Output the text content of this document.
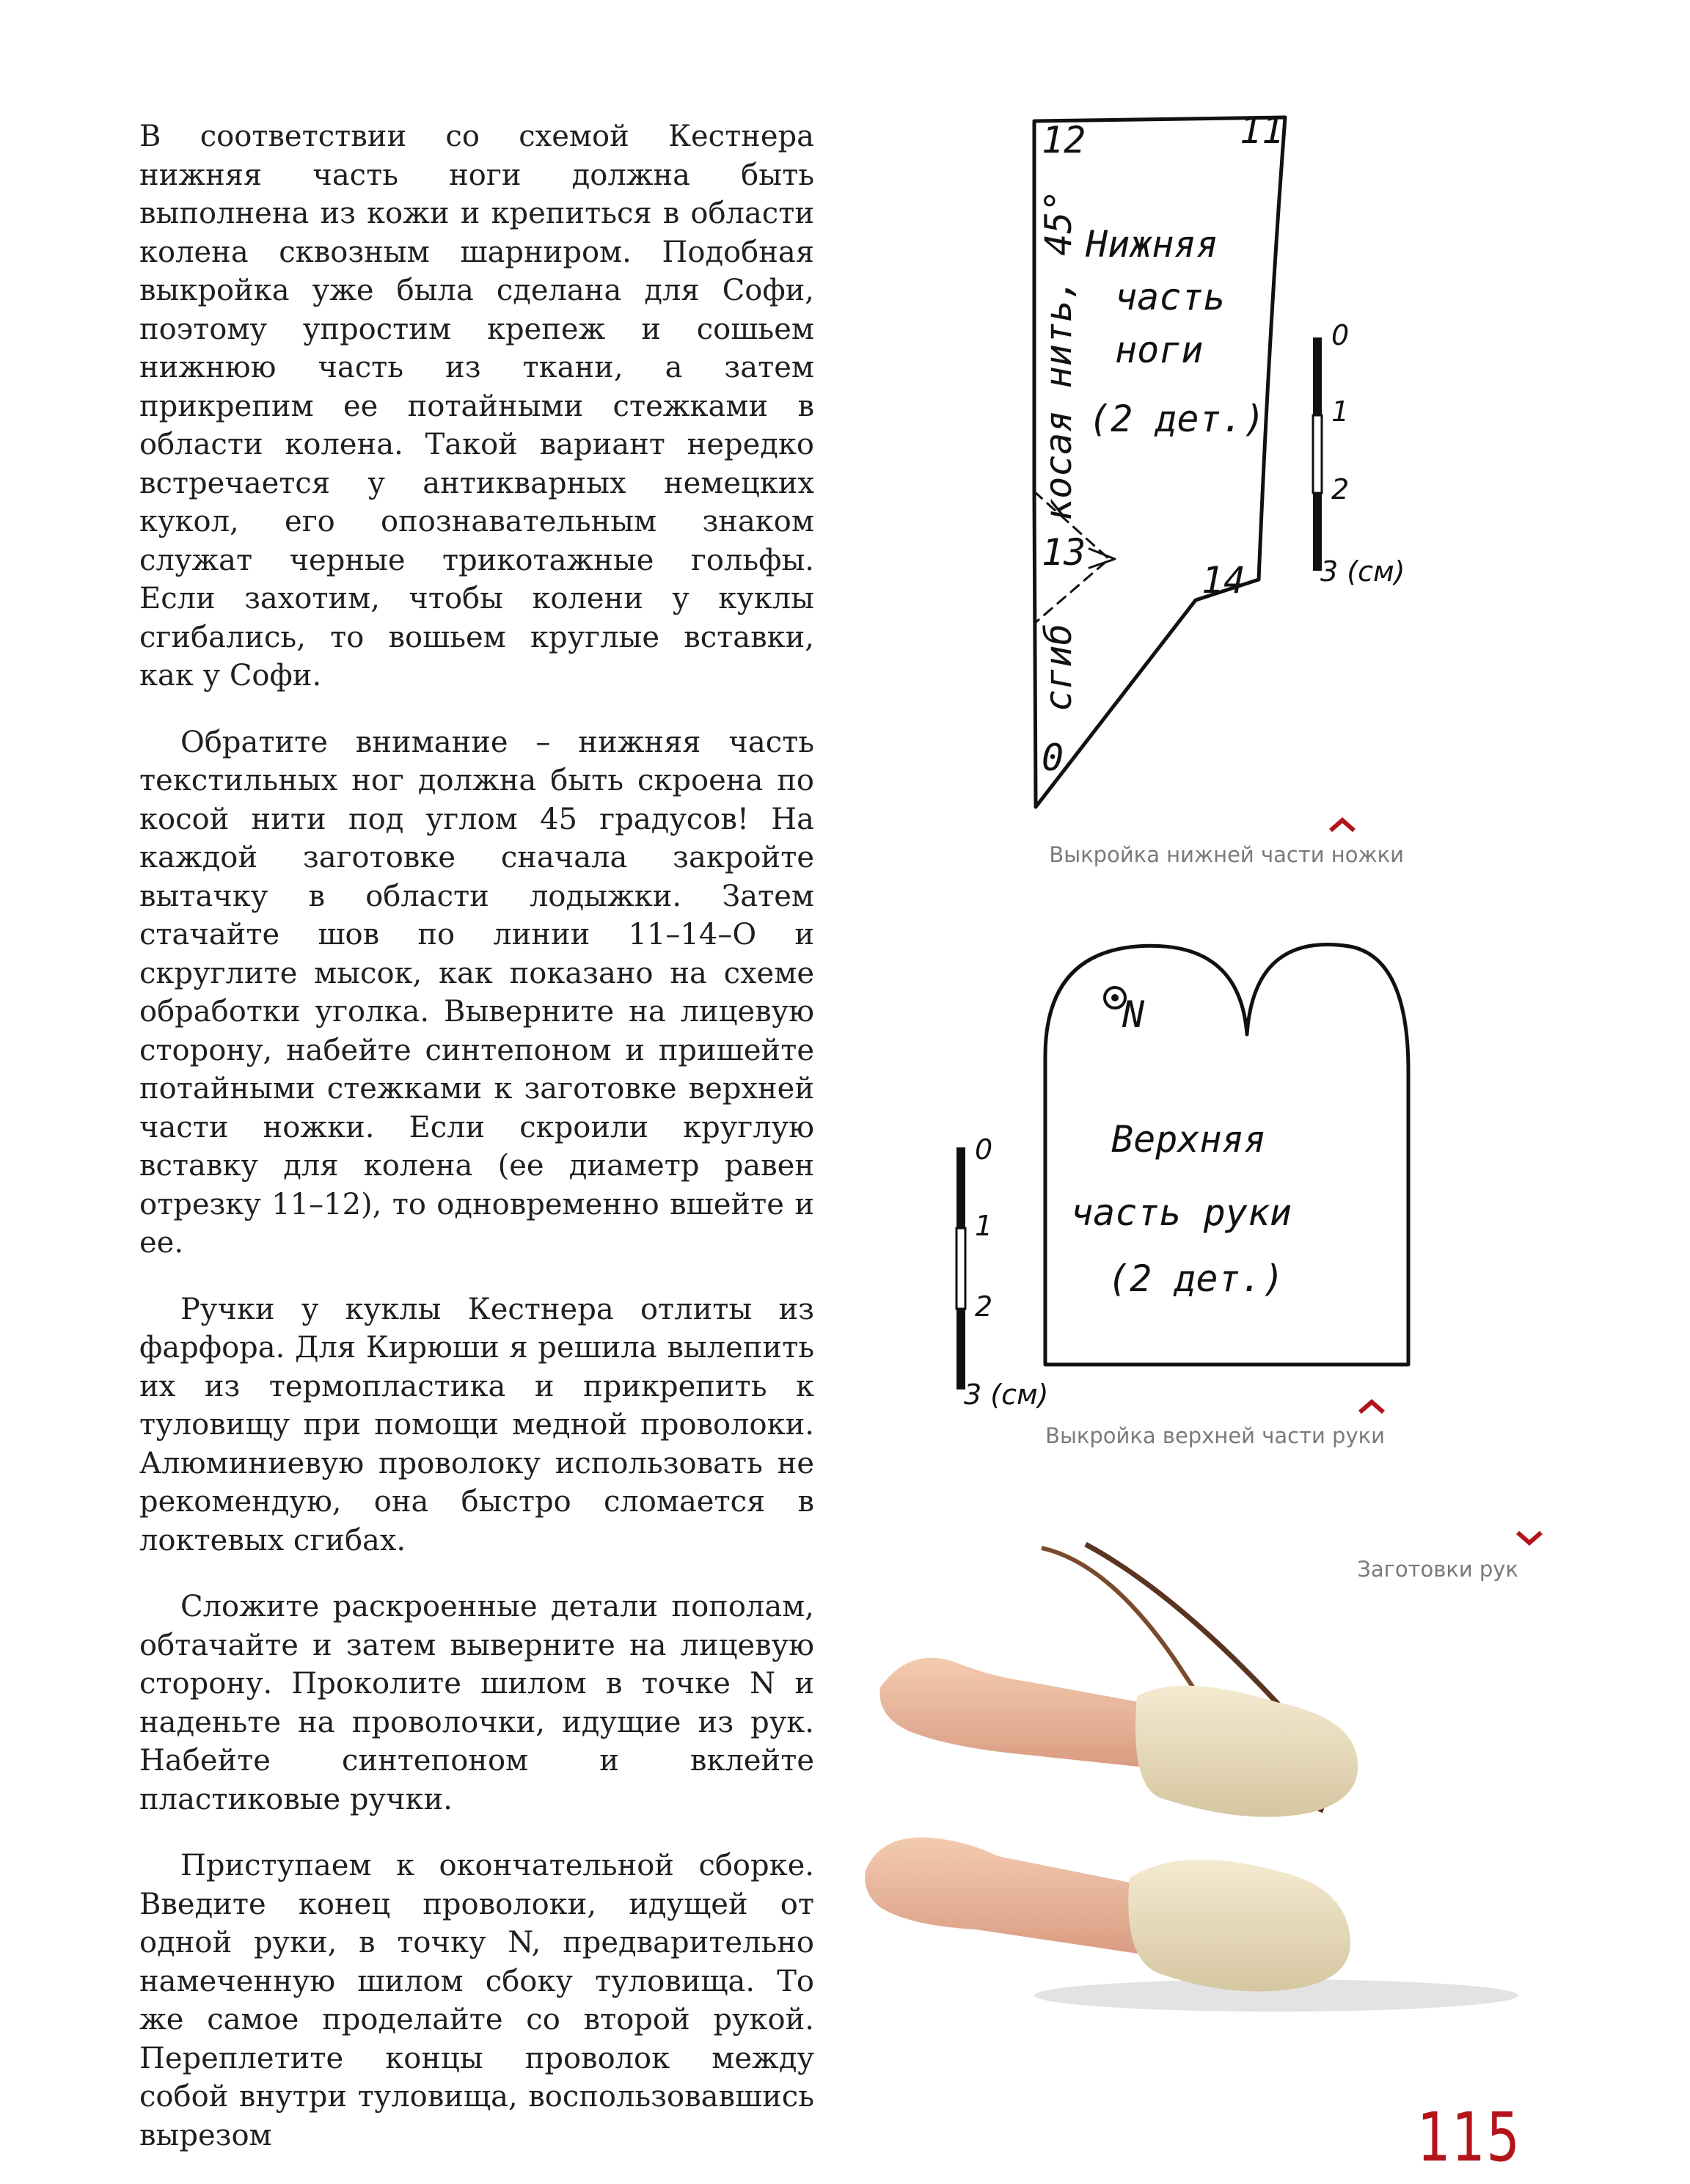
В соответствии со схемой Кестнера нижняя часть ноги должна быть выполнена из кожи и крепиться в области колена сквозным шарниром. Подобная выкройка уже была сделана для Софи, поэтому упростим крепеж и сошьем нижнюю часть из ткани, а затем прикрепим ее потайными стежками в области колена. Такой вариант нередко встречается у антикварных немецких кукол, его опознавательным знаком служат черные трикотажные гольфы. Если захотим, чтобы колени у куклы сгибались, то вошьем круглые вставки, как у Софи.

Обратите внимание – нижняя часть текстильных ног должна быть скроена по косой нити под углом 45 градусов! На каждой заготовке сначала закройте вытачку в области лодыжки. Затем стачайте шов по линии 11–14–О и скруглите мысок, как показано на схеме обработки уголка. Выверните на лицевую сторону, набейте синтепоном и пришейте потайными стежками к заготовке верхней части ножки. Если скроили круглую вставку для колена (ее диаметр равен отрезку 11–12), то одновременно вшейте и ее.

Ручки у куклы Кестнера отлиты из фарфора. Для Кирюши я решила вылепить их из термопластика и прикрепить к туловищу при помощи медной проволоки. Алюминиевую проволоку использовать не рекомендую, она быстро сломается в локтевых сгибах.

Сложите раскроенные детали пополам, обтачайте и затем выверните на лицевую сторону. Проколите шилом в точке N и наденьте на проволочки, идущие из рук. Набейте синтепоном и вклейте пластиковые ручки.

Приступаем к окончательной сборке. Введите конец проволоки, идущей от одной руки, в точку N, предварительно намеченную шилом сбоку туловища. То же самое проделайте со второй рукой. Переплетите концы проволок между собой внутри туловища, воспользовавшись вырезом

12	11
13
14
0
косая нить, 45°
сгиб
Нижняя
часть
ноги
(2 дет.)
0
1
2
3 (см)
Выкройка нижней части ножки
N
Верхняя
часть руки
(2 дет.)
0
1
2
3 (см)
Выкройка верхней части руки
Заготовки рук
115
